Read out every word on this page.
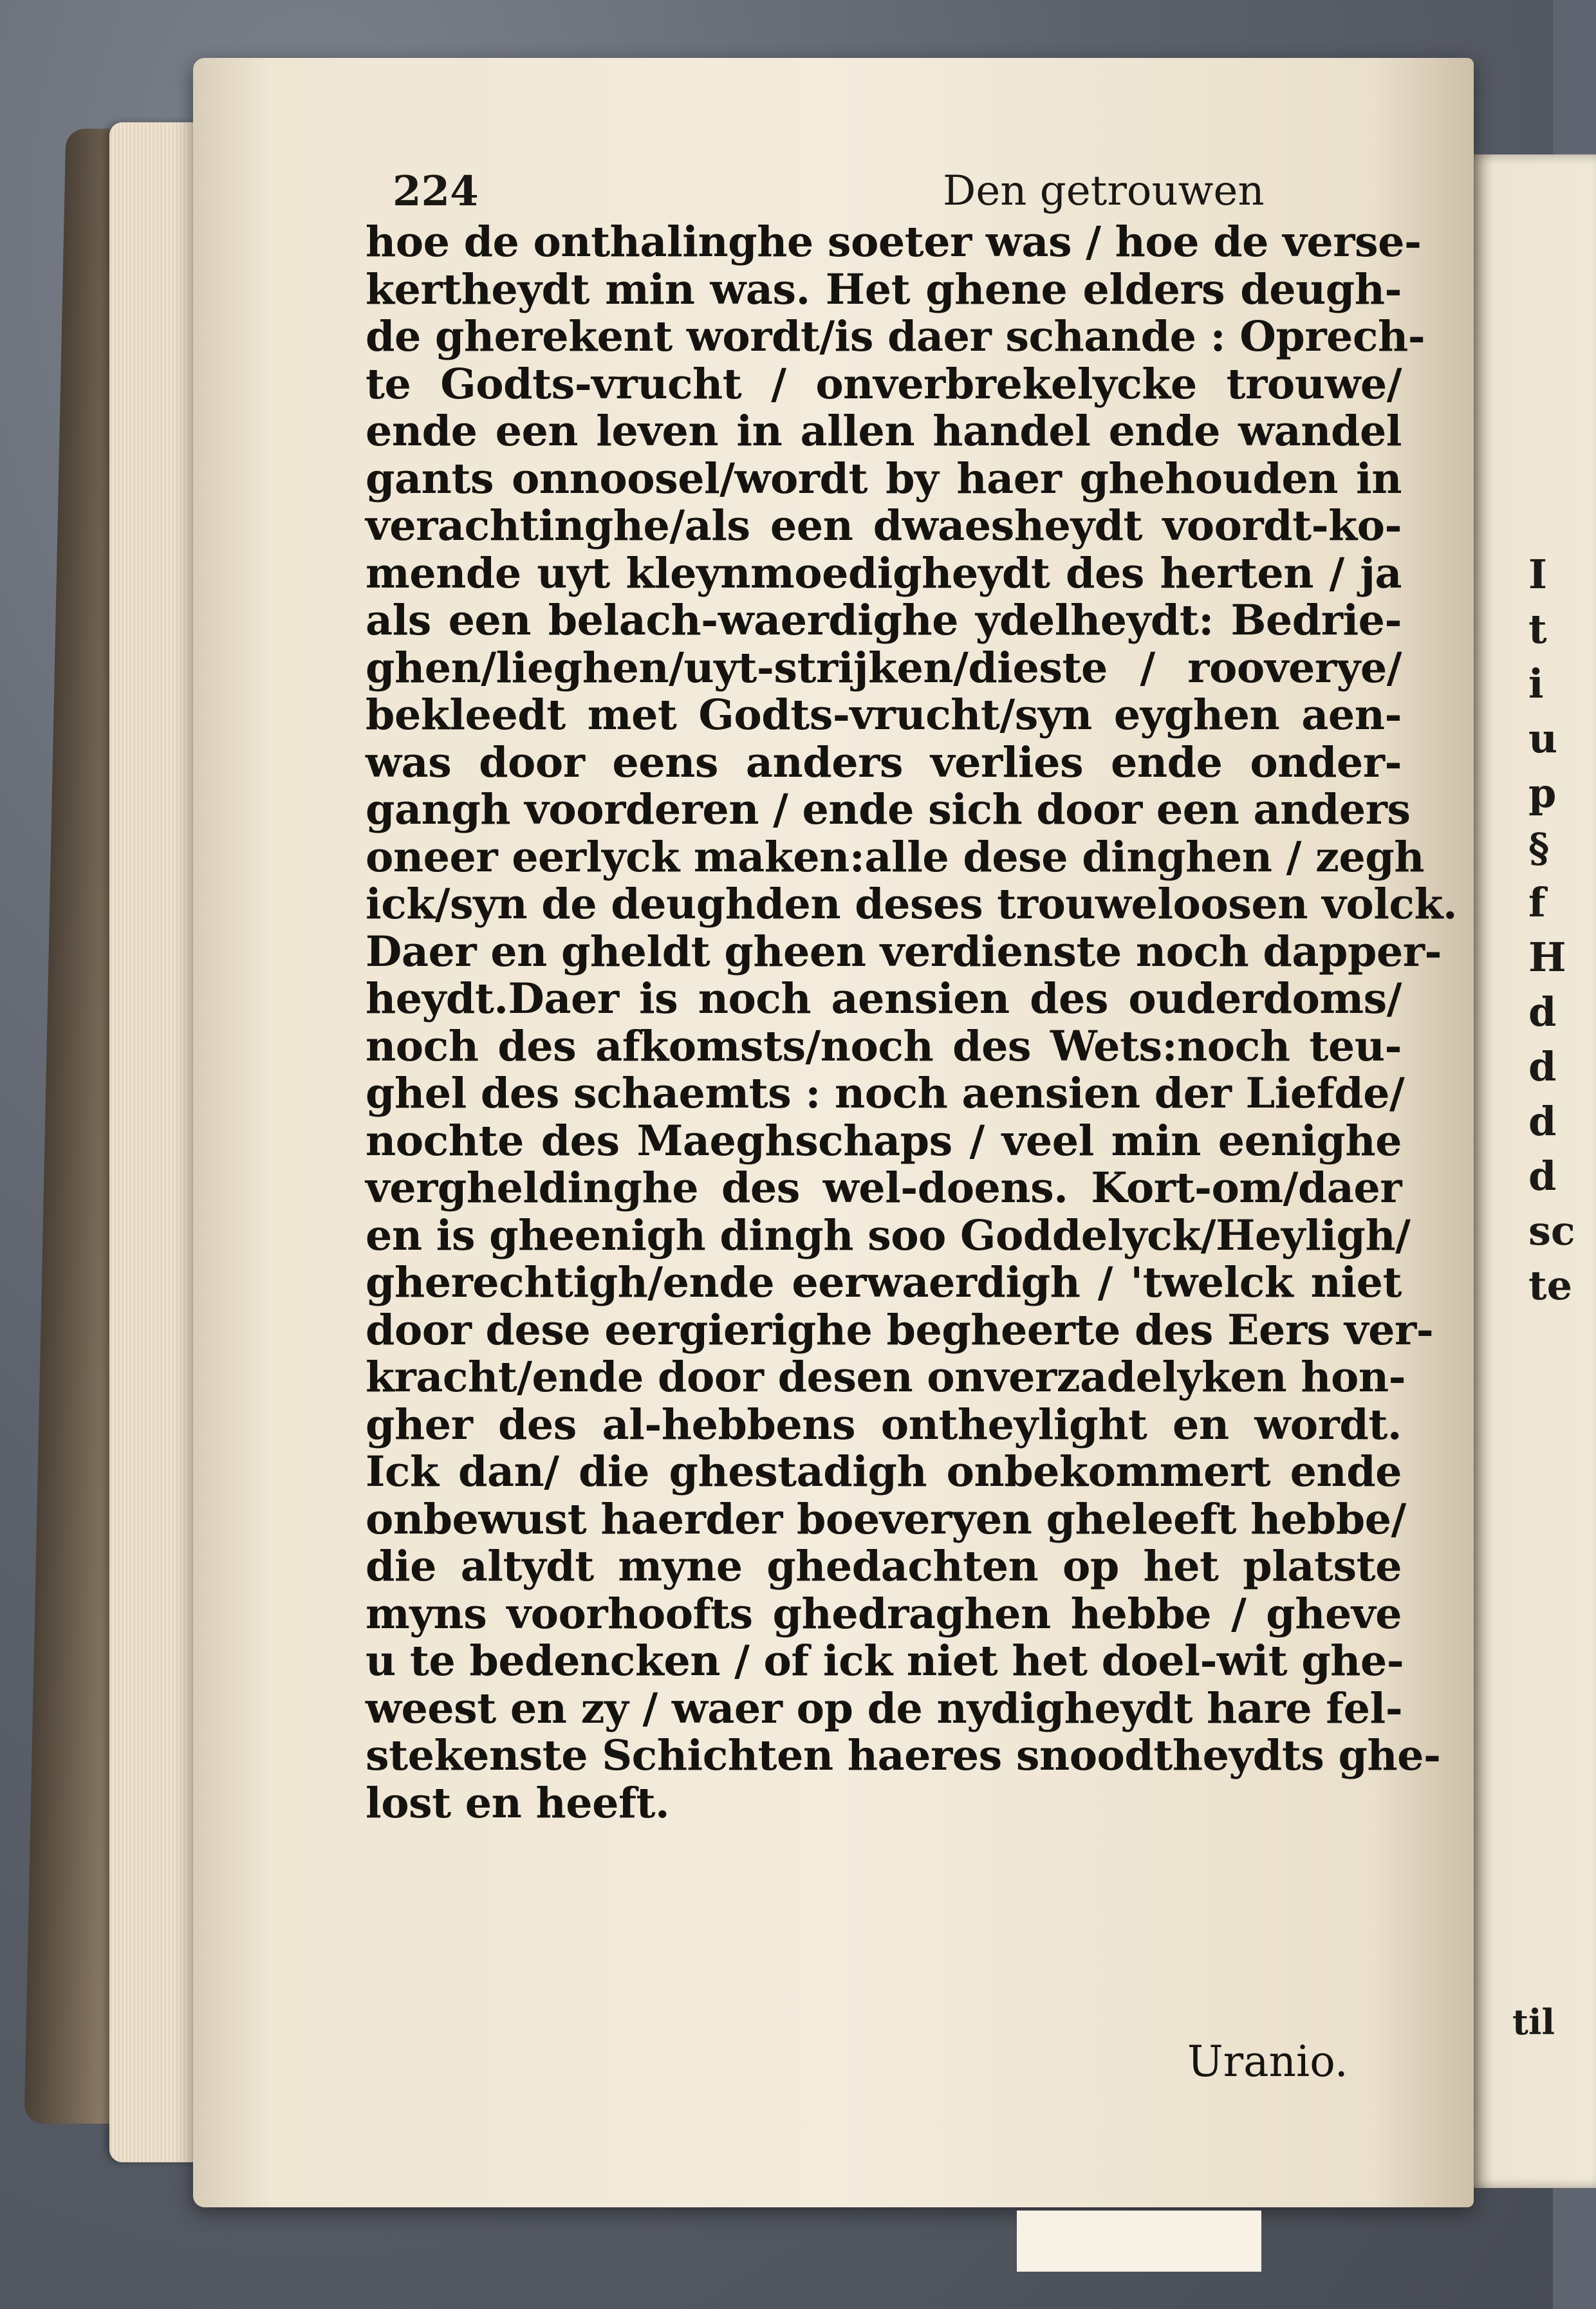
I
t
i
u
p
§
f
H
d
d
d
d
sc
te
til
224	Den getrouwen
hoe de onthalinghe soeter was / hoe de verse-
kertheydt min was. Het ghene elders deugh-
de gherekent wordt/is daer schande : Oprech-
te Godts-vrucht / onverbrekelycke trouwe/
ende een leven in allen handel ende wandel
gants onnoosel/wordt by haer ghehouden in
verachtinghe/als een dwaesheydt voordt-ko-
mende uyt kleynmoedigheydt des herten / ja
als een belach-waerdighe ydelheydt: Bedrie-
ghen/lieghen/uyt-strijken/dieste / rooverye/
bekleedt met Godts-vrucht/syn eyghen aen-
was door eens anders verlies ende onder-
gangh voorderen / ende sich door een anders
oneer eerlyck maken:alle dese dinghen / zegh
ick/syn de deughden deses trouweloosen volck.
Daer en gheldt gheen verdienste noch dapper-
heydt.Daer is noch aensien des ouderdoms/
noch des afkomsts/noch des Wets:noch teu-
ghel des schaemts : noch aensien der Liefde/
nochte des Maeghschaps / veel min eenighe
vergheldinghe des wel-doens. Kort-om/daer
en is gheenigh dingh soo Goddelyck/Heyligh/
gherechtigh/ende eerwaerdigh / 'twelck niet
door dese eergierighe begheerte des Eers ver-
kracht/ende door desen onverzadelyken hon-
gher des al-hebbens ontheylight en wordt.
Ick dan/ die ghestadigh onbekommert ende
onbewust haerder boeveryen gheleeft hebbe/
die altydt myne ghedachten op het platste
myns voorhoofts ghedraghen hebbe / gheve
u te bedencken / of ick niet het doel-wit ghe-
weest en zy / waer op de nydigheydt hare fel-
stekenste Schichten haeres snoodtheydts ghe-
lost en heeft.
Uranio.
